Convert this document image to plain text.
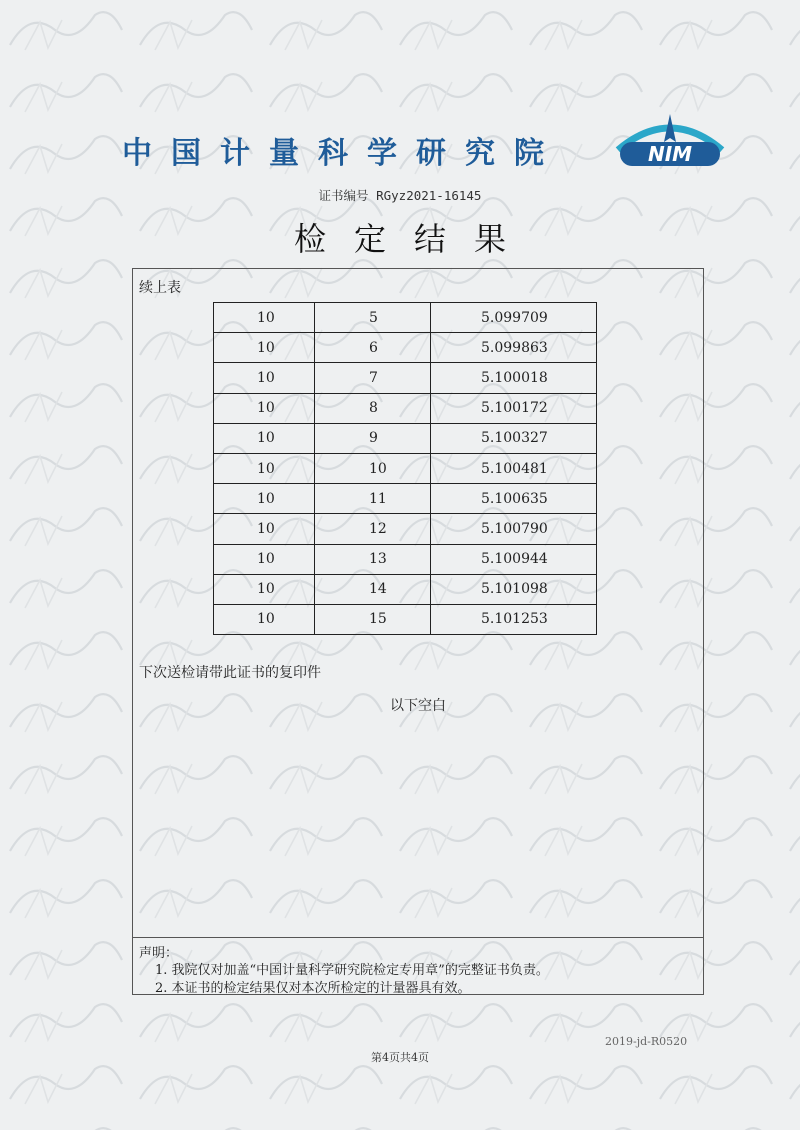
中国计量科学研究院	NIM
证书编号 RGyz2021-16145
检定结果
续上表
10	5	5.099709
10	6	5.099863
10	7	5.100018
10	8	5.100172
10	9	5.100327
10	10	5.100481
10	11	5.100635
10	12	5.100790
10	13	5.100944
10	14	5.101098
10	15	5.101253
下次送检请带此证书的复印件
以下空白
声明：
1. 我院仅对加盖“中国计量科学研究院检定专用章”的完整证书负责。
2. 本证书的检定结果仅对本次所检定的计量器具有效。
2019-jd-R0520
第4页共4页
